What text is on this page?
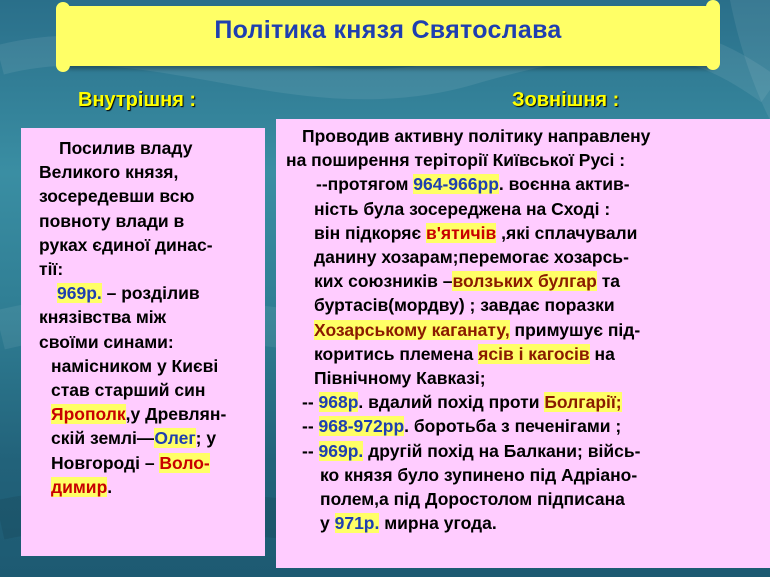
Політика князя Святослава
Внутрішня :	Зовнішня :
Посилив владу
Великого князя,
зосередевши всю
повноту влади в
руках єдиної динас-
тії:
969р. – розділив
князівства між
своїми синами:
намісником у Києві
став старший син
Ярополк,у Древлян-
скій землі—Олег; у
Новгороді – Воло-
димир.
Проводив активну політику направлену
на поширення теріторії Київської Русі :
--протягом 964-966рр. воєнна актив-
ність була зосереджена на Сході :
він підкоряє в'ятичів ,які сплачували
данину хозарам;перемогає хозарсь-
ких союзників –волзьких булгар та
буртасів(мордву) ; завдає поразки
Хозарському каганату, примушує під-
коритись племена ясів і кагосів на
Північному Кавказі;
-- 968р. вдалий похід проти Болгарії;
-- 968-972рр. боротьба з печенігами ;
-- 969р. другій похід на Балкани; війсь-
ко князя було зупинено під Адріано-
полем,а під Доростолом підписана
у 971р. мирна угода.
